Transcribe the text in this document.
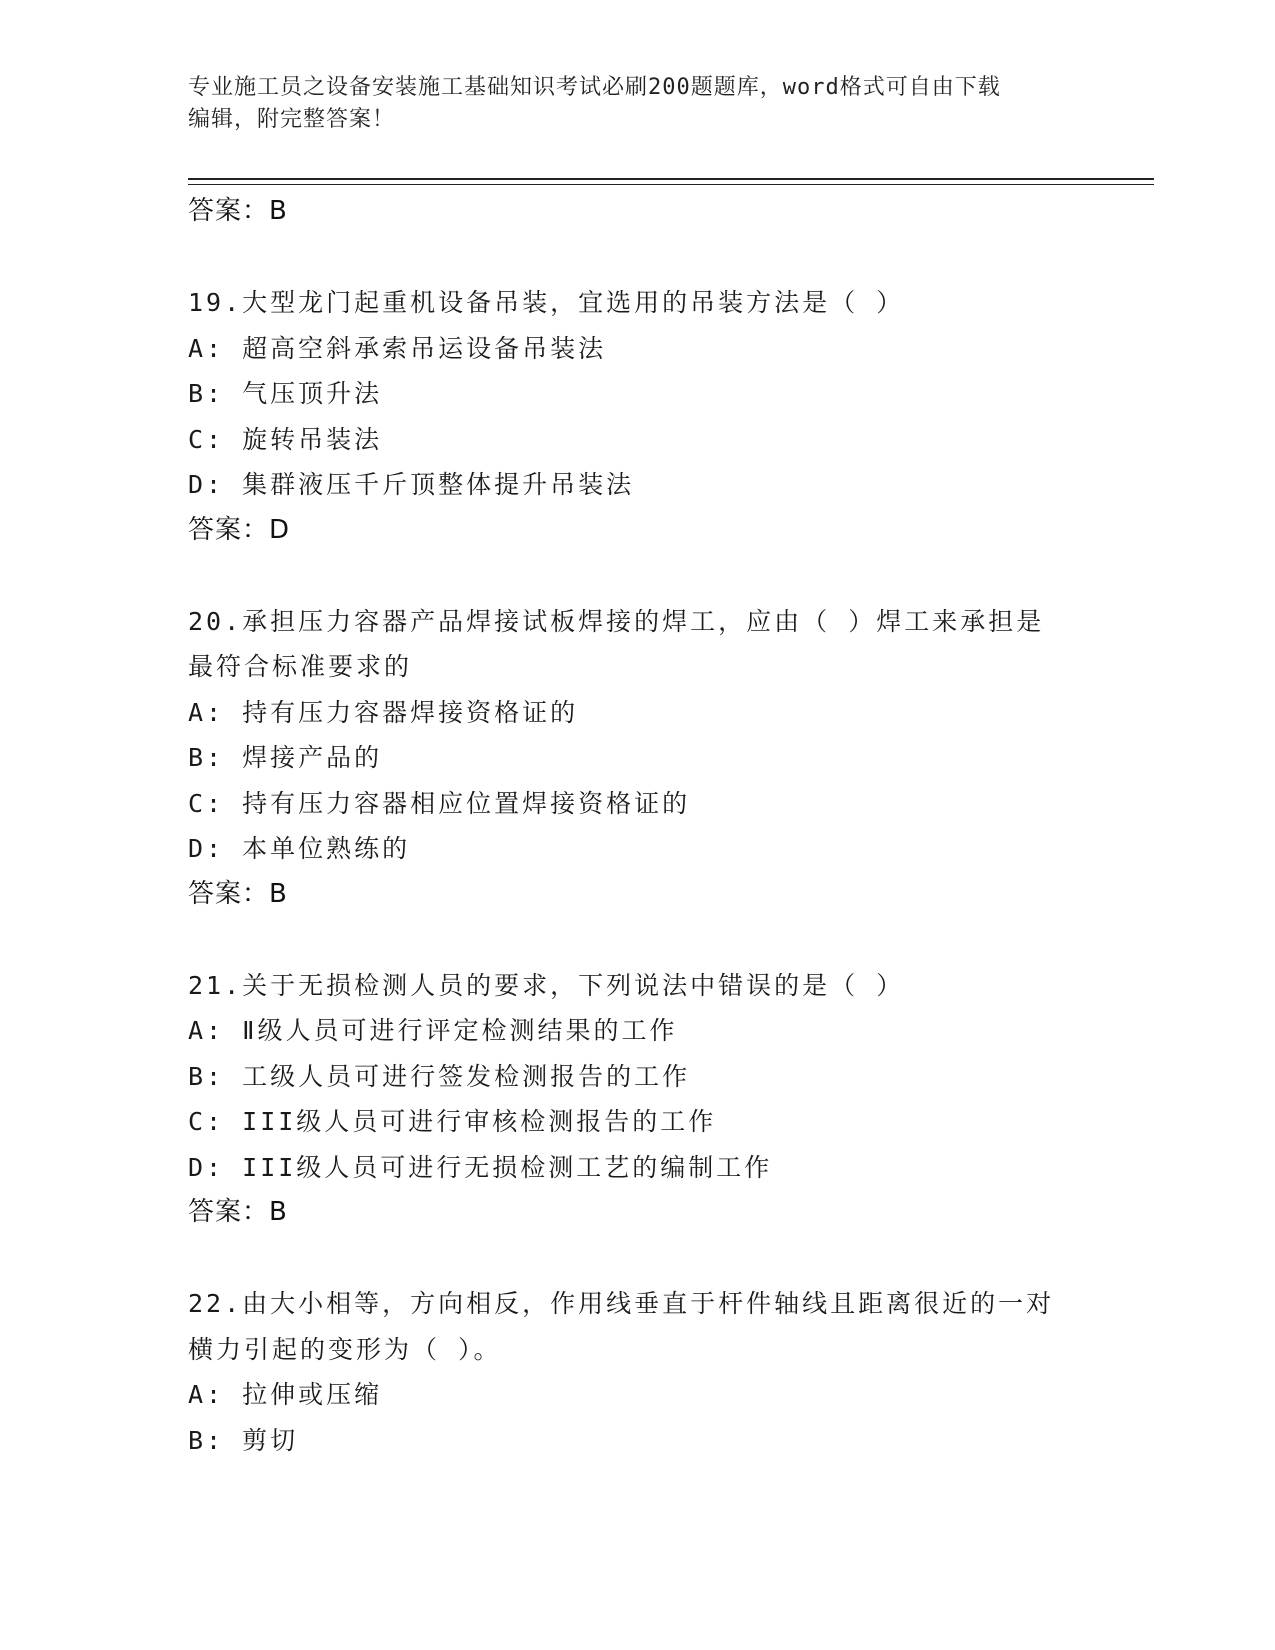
专业施工员之设备安装施工基础知识考试必刷200题题库，word格式可自由下载
编辑，附完整答案！
答案：B
19.大型龙门起重机设备吊装，宜选用的吊装方法是（ ）
A: 超高空斜承索吊运设备吊装法
B: 气压顶升法
C: 旋转吊装法
D: 集群液压千斤顶整体提升吊装法
答案：D
20.承担压力容器产品焊接试板焊接的焊工，应由（ ）焊工来承担是
最符合标准要求的
A: 持有压力容器焊接资格证的
B: 焊接产品的
C: 持有压力容器相应位置焊接资格证的
D: 本单位熟练的
答案：B
21.关于无损检测人员的要求，下列说法中错误的是（ ）
A: Ⅱ级人员可进行评定检测结果的工作
B: 工级人员可进行签发检测报告的工作
C: III级人员可进行审核检测报告的工作
D: III级人员可进行无损检测工艺的编制工作
答案：B
22.由大小相等，方向相反，作用线垂直于杆件轴线且距离很近的一对
横力引起的变形为（ ）。
A: 拉伸或压缩
B: 剪切
